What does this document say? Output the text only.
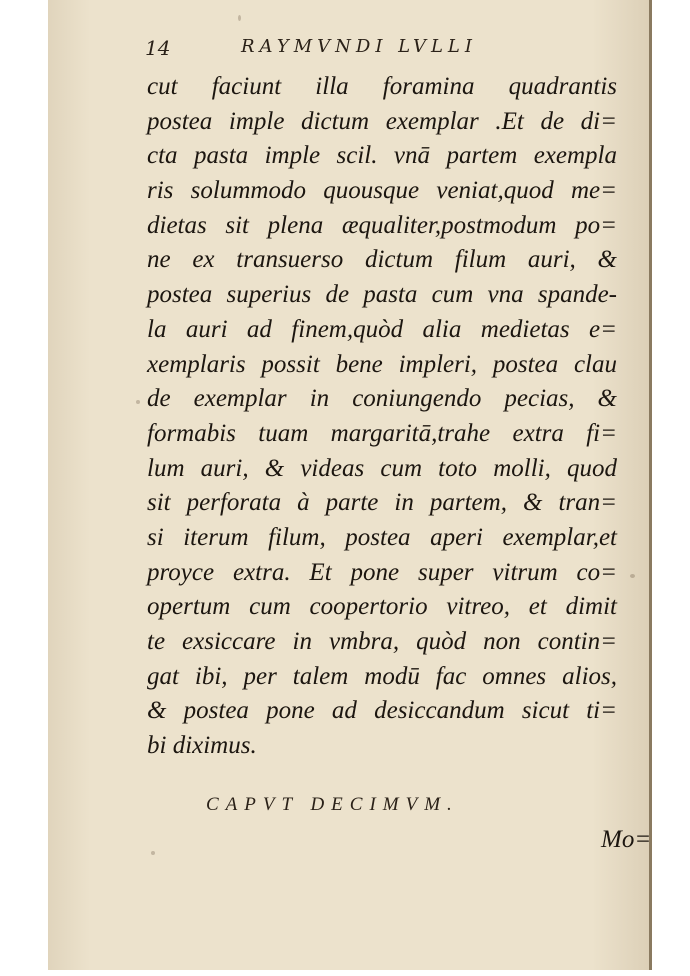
14	RAYMVNDI LVLLI
cut faciunt illa foramina quadrantis
postea imple dictum exemplar .Et de di=
cta pasta imple scil. vnā partem exempla
ris solummodo quousque veniat,quod me=
dietas sit plena æqualiter,postmodum po=
ne ex transuerso dictum filum auri, &
postea superius de pasta cum vna spande-
la auri ad finem,quòd alia medietas e=
xemplaris possit bene impleri, postea clau
de exemplar in coniungendo pecias, &
formabis tuam margaritā,trahe extra fi=
lum auri, & videas cum toto molli, quod
sit perforata à parte in partem, & tran=
si iterum filum, postea aperi exemplar,et
proyce extra. Et pone super vitrum co=
opertum cum coopertorio vitreo, et dimit
te exsiccare in vmbra, quòd non contin=
gat ibi, per talem modū fac omnes alios,
& postea pone ad desiccandum sicut ti=
bi diximus.
CAPVT DECIMVM.
Mo=
